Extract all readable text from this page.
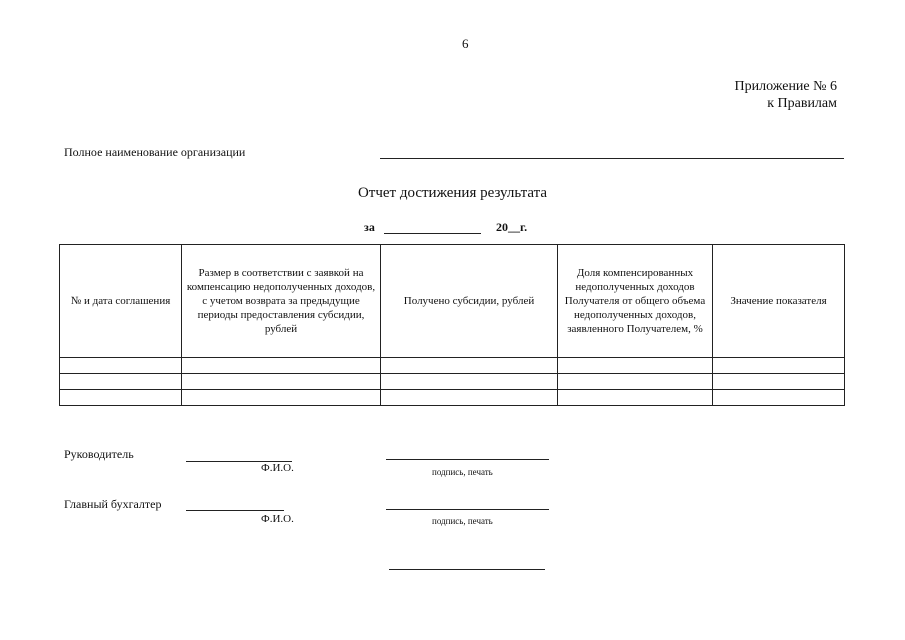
6
Приложение № 6
к Правилам
Полное наименование организации
Отчет достижения результата
за	20__г.
№ и дата соглашения	Размер в соответствии с заявкой на компенсацию недополученных доходов, с учетом возврата за предыдущие периоды предоставления субсидии, рублей	Получено субсидии, рублей	Доля компенсированных недополученных доходов Получателя от общего объема недополученных доходов, заявленного Получателем, %	Значение показателя

Руководитель
Ф.И.О.	подпись, печать
Главный бухгалтер
Ф.И.О.	подпись, печать
